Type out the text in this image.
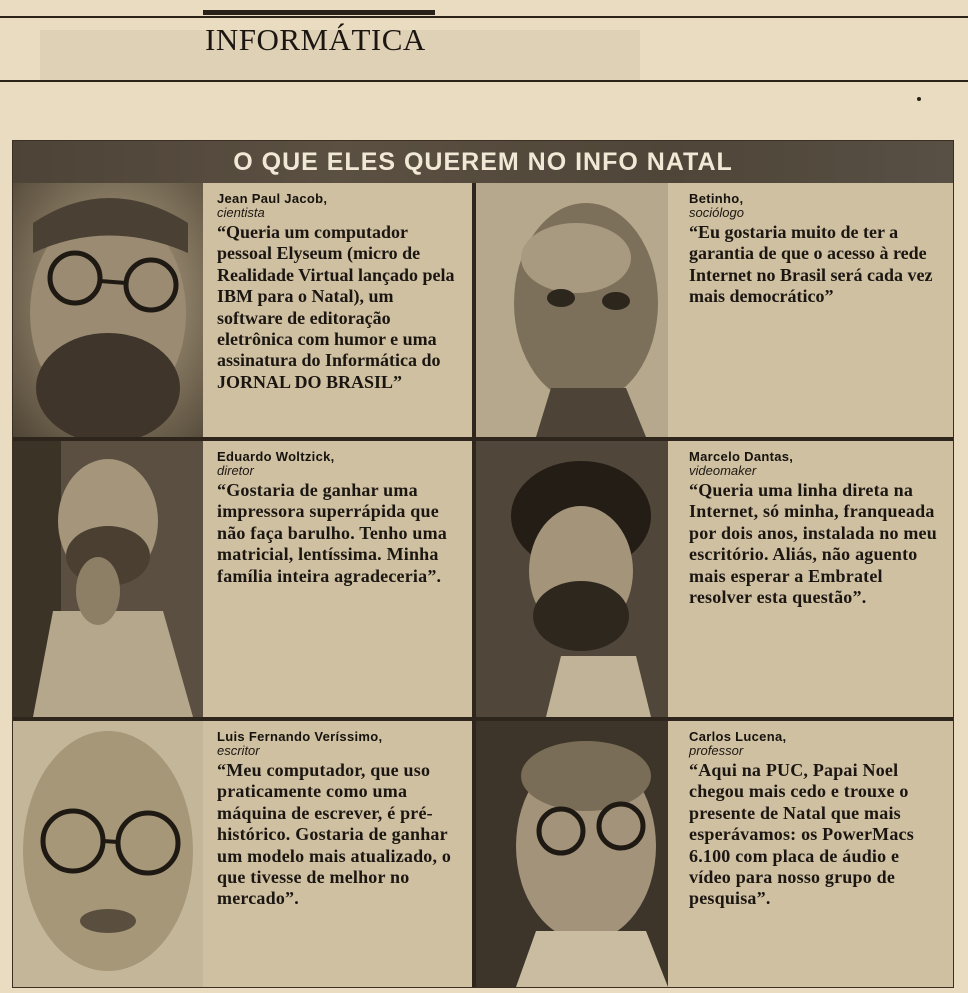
INFORMÁTICA
O QUE ELES QUEREM NO INFO NATAL
Jean Paul Jacob,
cientista
“Queria um computador pessoal Elyseum (micro de Realidade Virtual lançado pela IBM para o Natal), um software de editoração eletrônica com humor e uma assinatura do Informática do JORNAL DO BRASIL”
Betinho,
sociólogo
“Eu gostaria muito de ter a garantia de que o acesso à rede Internet no Brasil será cada vez mais democrático”
Eduardo Woltzick,
diretor
“Gostaria de ganhar uma impressora superrápida que não faça barulho. Tenho uma matricial, lentíssima. Minha família inteira agradeceria”.
Marcelo Dantas,
videomaker
“Queria uma linha direta na Internet, só minha, franqueada por dois anos, instalada no meu escritório. Aliás, não aguento mais esperar a Embratel resolver esta questão”.
Luis Fernando Veríssimo,
escritor
“Meu computador, que uso praticamente como uma máquina de escrever, é pré-histórico. Gostaria de ganhar um modelo mais atualizado, o que tivesse de melhor no mercado”.
Carlos Lucena,
professor
“Aqui na PUC, Papai Noel chegou mais cedo e trouxe o presente de Natal que mais esperávamos: os PowerMacs 6.100 com placa de áudio e vídeo para nosso grupo de pesquisa”.
